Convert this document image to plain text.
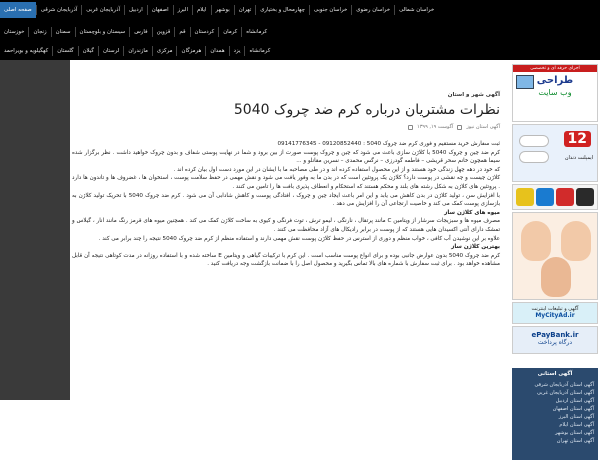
صفحه اصلی	آذربایجان شرقی	آذربایجان غربی	اردبیل	اصفهان	البرز	ایلام	بوشهر	تهران	چهارمحال و بختیاری	خراسان جنوبی	خراسان رضوی	خراسان شمالی
خوزستان	زنجان	سمنان	سیستان و بلوچستان	فارس	قزوین	قم	کردستان	کرمان	کرمانشاه
کهگیلویه و بویراحمد	گلستان	گیلان	لرستان	مازندران	مرکزی	هرمزگان	همدان	یزد	کرمانشاه
آگهی شهر و استان
نظرات مشتریان درباره کرم ضد چروک 5040
آگوست ۱۹, ۱۳۹۹	آگهی استان نیوز

ثبت سفارش خرید مستقیم و فوری کرم ضد چروک 5040 : 09120852440 - 09141776345

کرم ضد چین و چروک 5040 با کلاژن سازی باعث می شود که چین و چروک پوست صورت از بین برود و شما در نهایت پوستی شفاف و بدون چروک خواهید داشت . نظر برگزار شده سیما همچون خانم سحر قریشی – فاطمه گودرزی – نرگس محمدی – نسرین مقانلو و ...

که خود در دهه چهل زندگی خود هستند و از این محصول استفاده کرده اند و در طی مصاحبه ما با ایشان در این مورد دست اول بیان کرده اند .

کلاژن چیست و چه نقشی در پوست دارد؟ کلاژن یک پروتئین است که در بدن ما به وفور یافت می شود و نقش مهمی در حفظ سلامت پوست ، استخوان ها ، غضروف ها و تاندون ها دارد . پروتئین های کلاژن به شکل رشته های بلند و محکم هستند که استحکام و انعطاف پذیری بافت ها را تامین می کنند .

با افزایش سن ، تولید کلاژن در بدن کاهش می یابد و این امر باعث ایجاد چین و چروک ، افتادگی پوست و کاهش شادابی آن می شود . کرم ضد چروک 5040 با تحریک تولید کلاژن به بازسازی پوست کمک می کند و خاصیت ارتجاعی آن را افزایش می دهد .

میوه های کلاژن ساز

مصرف میوه ها و سبزیجات سرشار از ویتامین C مانند پرتقال ، نارنگی ، لیمو ترش ، توت فرنگی و کیوی به ساخت کلاژن کمک می کند . همچنین میوه های قرمز رنگ مانند انار ، گیلاس و تمشک دارای آنتی اکسیدان هایی هستند که از پوست در برابر رادیکال های آزاد محافظت می کنند .

علاوه بر این نوشیدن آب کافی ، خواب منظم و دوری از استرس در حفظ کلاژن پوست نقش مهمی دارند و استفاده منظم از کرم ضد چروک 5040 نتیجه را چند برابر می کند .

بهترین کلاژن ساز

کرم ضد چروک 5040 بدون عوارض جانبی بوده و برای انواع پوست مناسب است . این کرم با ترکیبات گیاهی و ویتامین E ساخته شده و با استفاده روزانه در مدت کوتاهی نتیجه آن قابل مشاهده خواهد بود . برای ثبت سفارش با شماره های بالا تماس بگیرید و محصول اصل را با ضمانت بازگشت وجه دریافت کنید .

اجرای حرفه ای و تخصصی
طراحی
وب سایت
12
ایمپلنت دندان
آگهی و تبلیغات اینترنت
MyCityAd.ir
ePayBank.ir
درگاه پرداخت
آگهی استانی
آگهی استان آذربایجان شرقی
آگهی استان آذربایجان غربی
آگهی استان اردبیل
آگهی استان اصفهان
آگهی استان البرز
آگهی استان ایلام
آگهی استان بوشهر
آگهی استان تهران
